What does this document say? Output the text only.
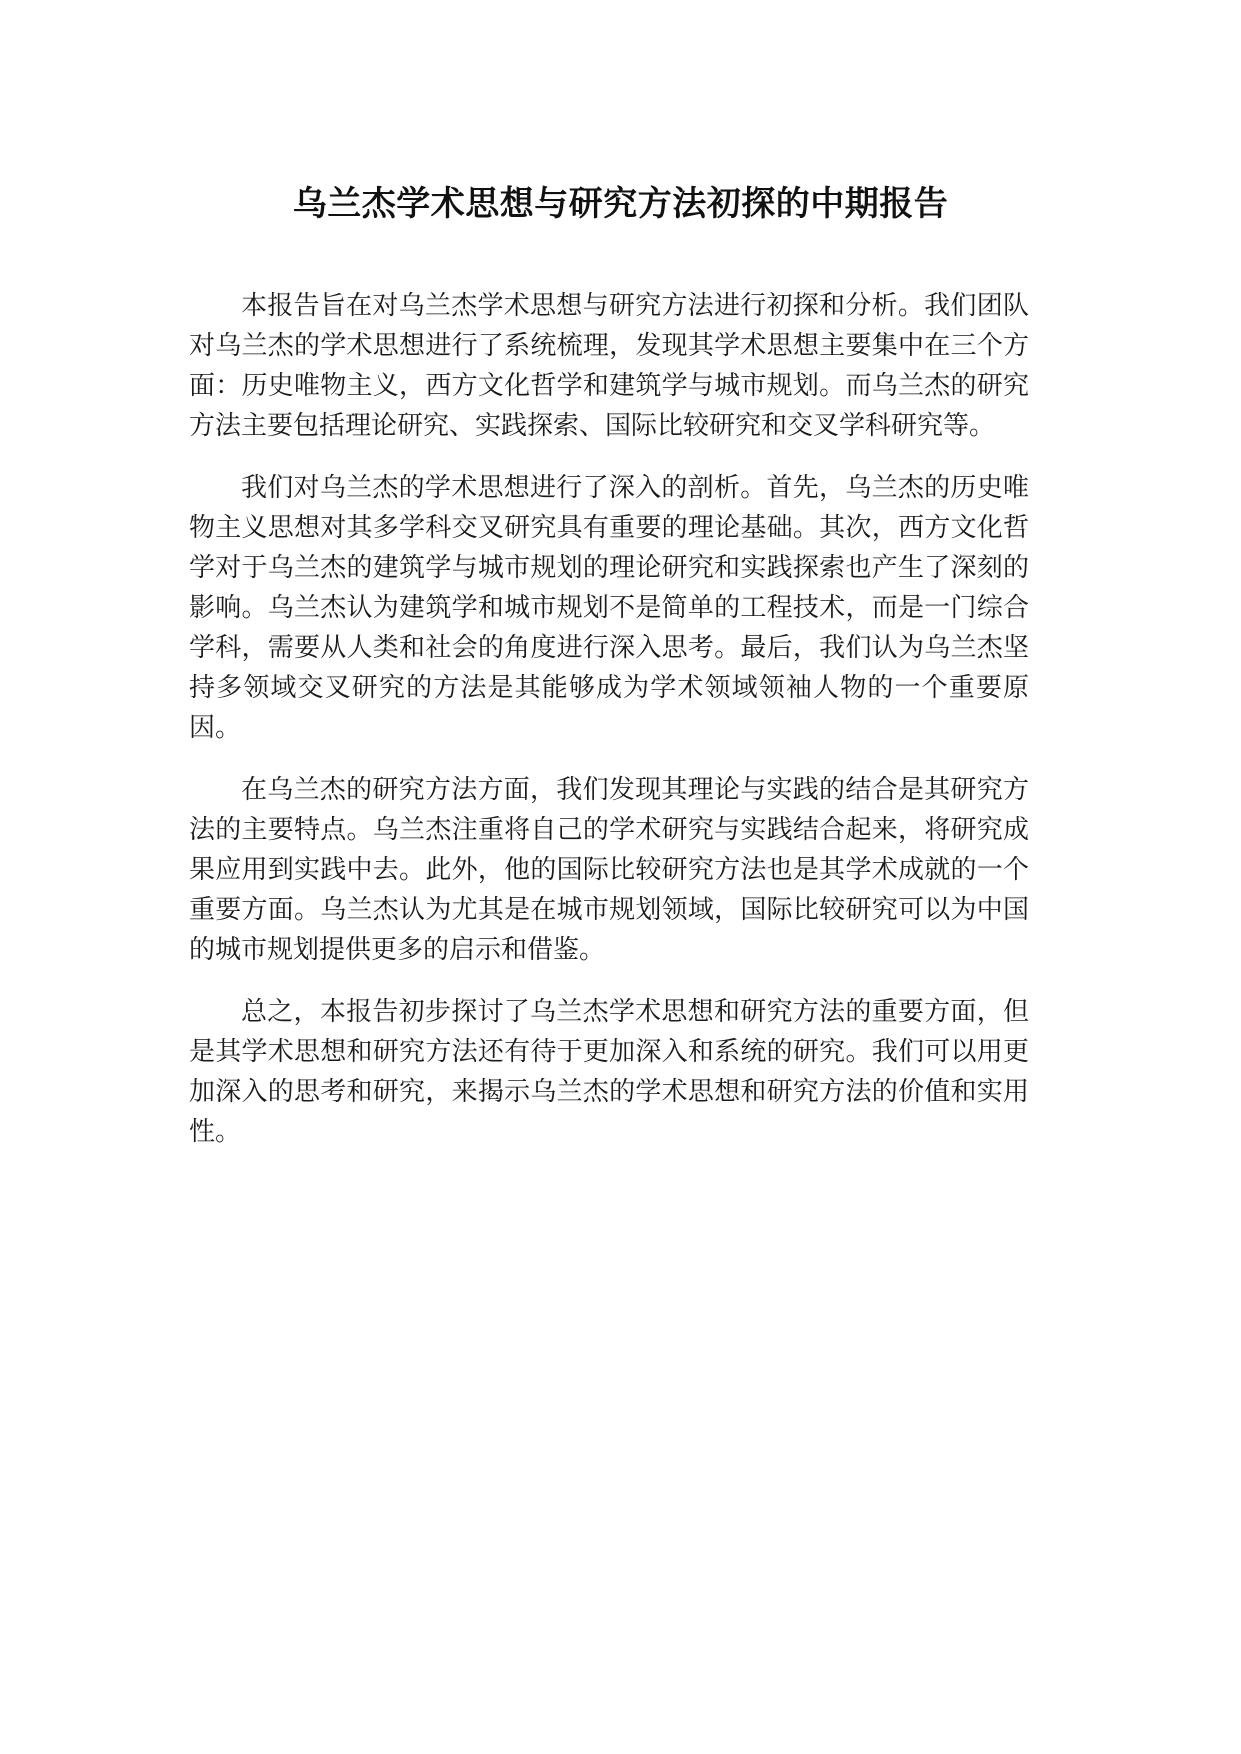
乌兰杰学术思想与研究方法初探的中期报告

本报告旨在对乌兰杰学术思想与研究方法进行初探和分析。我们团队对乌兰杰的学术思想进行了系统梳理，发现其学术思想主要集中在三个方面：历史唯物主义，西方文化哲学和建筑学与城市规划。而乌兰杰的研究方法主要包括理论研究、实践探索、国际比较研究和交叉学科研究等。

我们对乌兰杰的学术思想进行了深入的剖析。首先，乌兰杰的历史唯物主义思想对其多学科交叉研究具有重要的理论基础。其次，西方文化哲学对于乌兰杰的建筑学与城市规划的理论研究和实践探索也产生了深刻的影响。乌兰杰认为建筑学和城市规划不是简单的工程技术，而是一门综合学科，需要从人类和社会的角度进行深入思考。最后，我们认为乌兰杰坚持多领域交叉研究的方法是其能够成为学术领域领袖人物的一个重要原因。

在乌兰杰的研究方法方面，我们发现其理论与实践的结合是其研究方法的主要特点。乌兰杰注重将自己的学术研究与实践结合起来，将研究成果应用到实践中去。此外，他的国际比较研究方法也是其学术成就的一个重要方面。乌兰杰认为尤其是在城市规划领域，国际比较研究可以为中国的城市规划提供更多的启示和借鉴。

总之，本报告初步探讨了乌兰杰学术思想和研究方法的重要方面，但是其学术思想和研究方法还有待于更加深入和系统的研究。我们可以用更加深入的思考和研究，来揭示乌兰杰的学术思想和研究方法的价值和实用性。
